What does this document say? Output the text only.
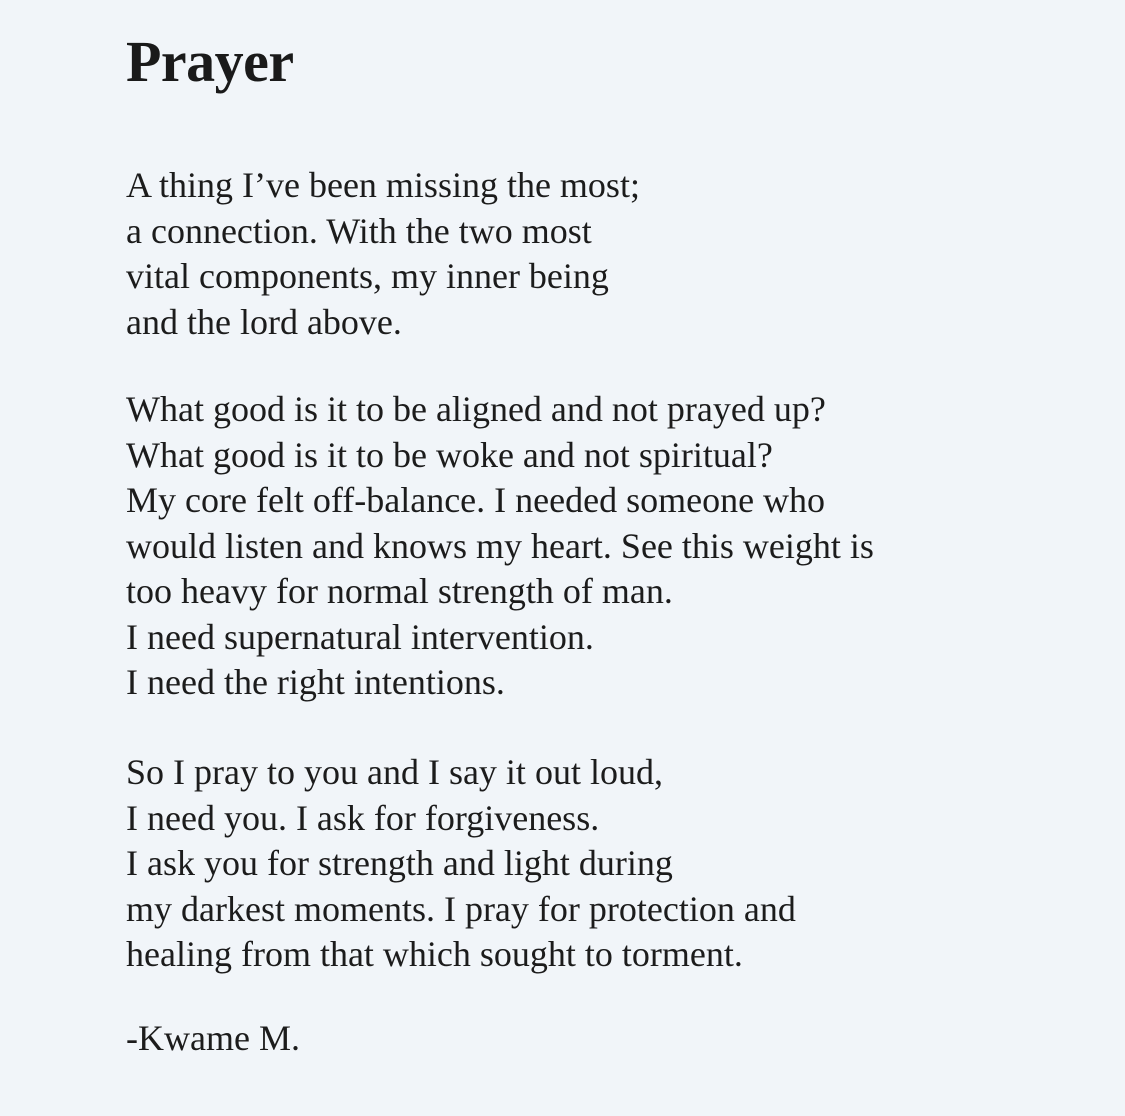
Prayer

A thing I’ve been missing the most;
a connection. With the two most
vital components, my inner being
and the lord above.

What good is it to be aligned and not prayed up?
What good is it to be woke and not spiritual?
My core felt off-balance. I needed someone who
would listen and knows my heart. See this weight is
too heavy for normal strength of man.
I need supernatural intervention.
I need the right intentions.

So I pray to you and I say it out loud,
I need you. I ask for forgiveness.
I ask you for strength and light during
my darkest moments. I pray for protection and
healing from that which sought to torment.

-Kwame M.
